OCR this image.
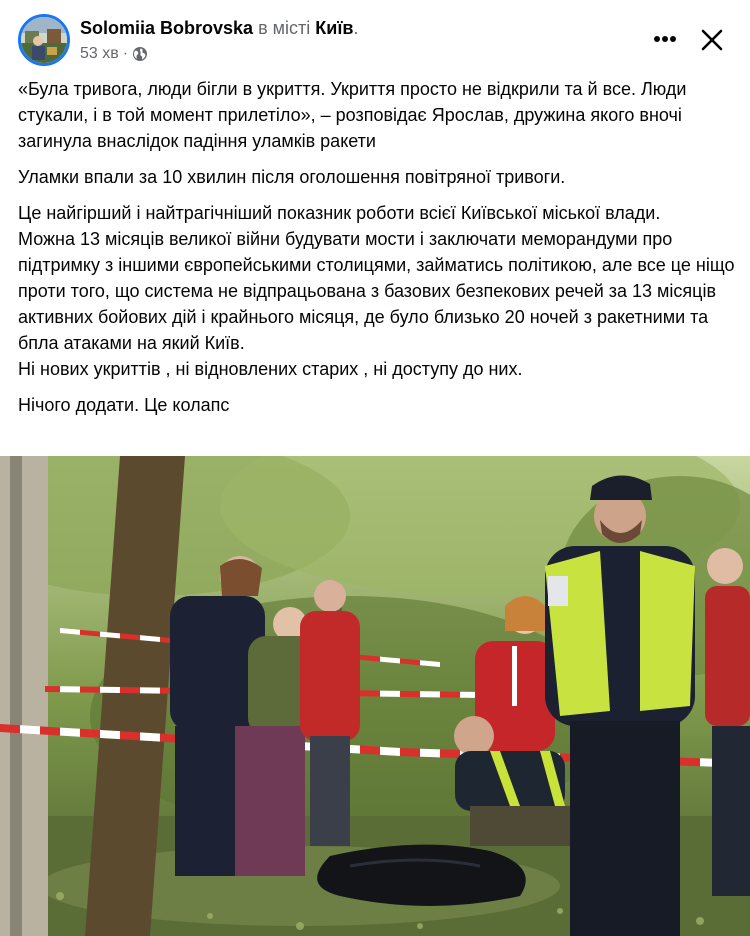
Solomiia Bobrovska в місті Київ.
53 хв ·

«Була тривога, люди бігли в укриття. Укриття просто не відкрили та й все. Люди стукали, і в той момент прилетіло», – розповідає Ярослав, дружина якого вночі загинула внаслідок падіння уламків ракети

Уламки впали за 10 хвилин після оголошення повітряної тривоги.

Це найгірший і найтрагічніший показник роботи всієї Київської міської влади.
Можна 13 місяців великої війни будувати мости і заключати меморандуми про підтримку з іншими європейськими столицями, займатись політикою, але все це ніщо проти того, що система не відпрацьована з базових безпекових речей за 13 місяців активних бойових дій і крайнього місяця, де було близько 20 ночей з ракетними та бпла атаками на який Київ.
Ні нових укриттів , ні відновлених старих , ні доступу до них.

Нічого додати. Це колапс
